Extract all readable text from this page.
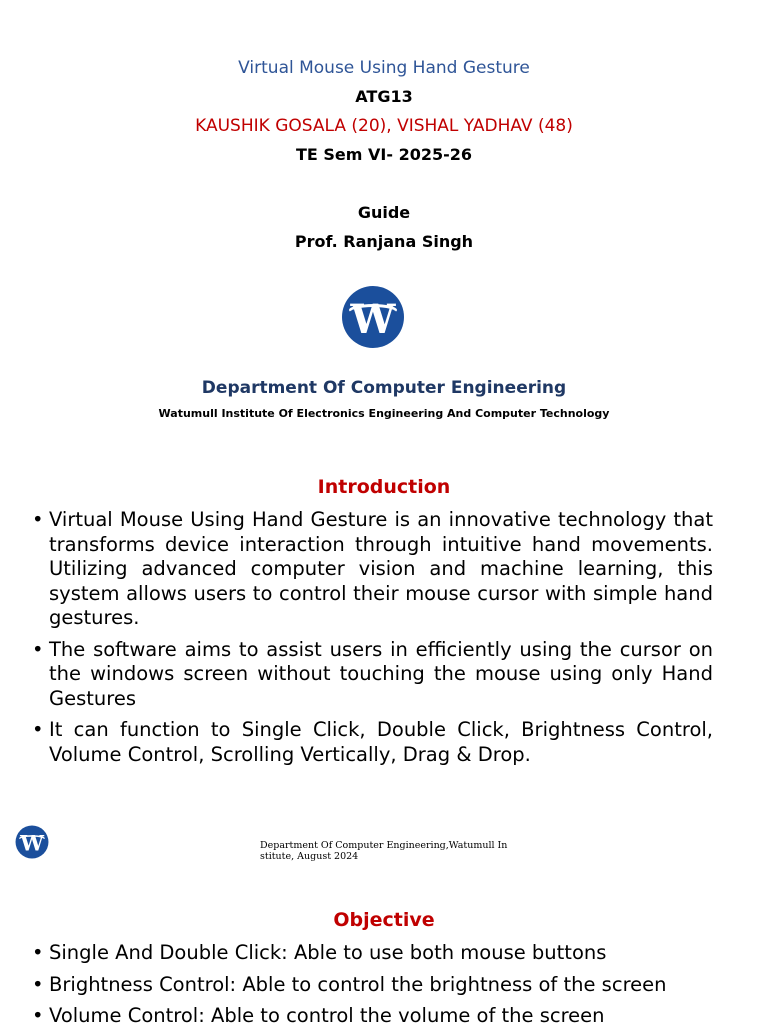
Virtual Mouse Using Hand Gesture
ATG13
KAUSHIK GOSALA (20), VISHAL YADHAV (48)
TE Sem VI- 2025-26
Guide
Prof. Ranjana Singh
W
Department Of Computer Engineering
Watumull Institute Of Electronics Engineering And Computer Technology
Introduction
• Virtual Mouse Using Hand Gesture is an innovative technology that transforms device interaction through intuitive hand movements. Utilizing advanced computer vision and machine learning, this system allows users to control their mouse cursor with simple hand gestures.
• The software aims to assist users in efficiently using the cursor on the windows screen without touching the mouse using only Hand Gestures
• It can function to Single Click, Double Click, Brightness Control, Volume Control, Scrolling Vertically, Drag & Drop.
W	Department Of Computer Engineering,Watumull Institute, August 2024
Objective
• Single And Double Click: Able to use both mouse buttons
• Brightness Control: Able to control the brightness of the screen
• Volume Control: Able to control the volume of the screen
